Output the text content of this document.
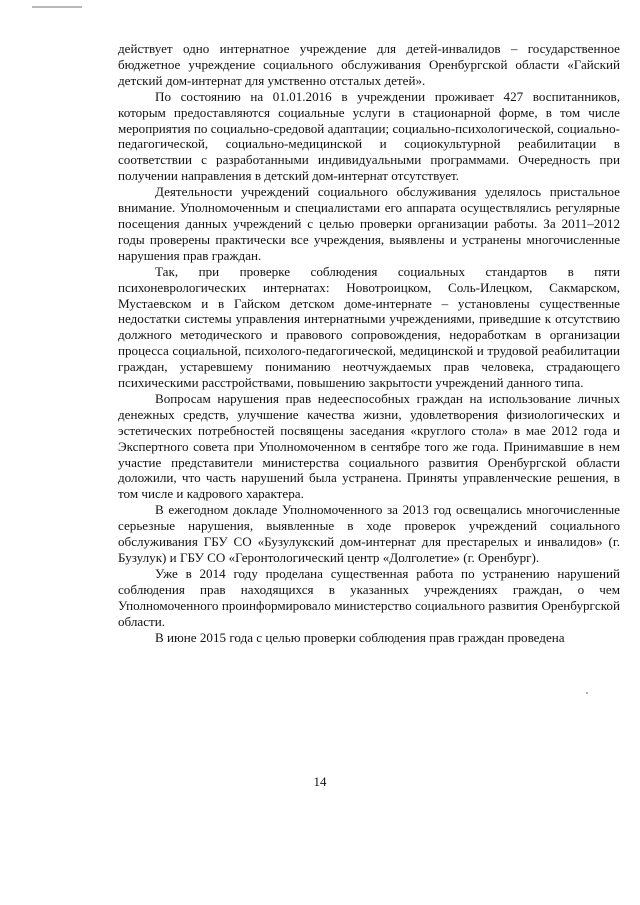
действует одно интернатное учреждение для детей-инвалидов – государственное бюджетное учреждение социального обслуживания Оренбургской области «Гайский детский дом-интернат для умственно отсталых детей».

По состоянию на 01.01.2016 в учреждении проживает 427 воспитанников, которым предоставляются социальные услуги в стационарной форме, в том числе мероприятия по социально-средовой адаптации; социально-психологической, социально-педагогической, социально-медицинской и социокультурной реабилитации в соответствии с разработанными индивидуальными программами. Очередность при получении направления в детский дом-интернат отсутствует.

Деятельности учреждений социального обслуживания уделялось пристальное внимание. Уполномоченным и специалистами его аппарата осуществлялись регулярные посещения данных учреждений с целью проверки организации работы. За 2011–2012 годы проверены практически все учреждения, выявлены и устранены многочисленные нарушения прав граждан.

Так, при проверке соблюдения социальных стандартов в пяти психоневрологических интернатах: Новотроицком, Соль-Илецком, Сакмарском, Мустаевском и в Гайском детском доме-интернате – установлены существенные недостатки системы управления интернатными учреждениями, приведшие к отсутствию должного методического и правового сопровождения, недоработкам в организации процесса социальной, психолого-педагогической, медицинской и трудовой реабилитации граждан, устаревшему пониманию неотчуждаемых прав человека, страдающего психическими расстройствами, повышению закрытости учреждений данного типа.

Вопросам нарушения прав недееспособных граждан на использование личных денежных средств, улучшение качества жизни, удовлетворения физиологических и эстетических потребностей посвящены заседания «круглого стола» в мае 2012 года и Экспертного совета при Уполномоченном в сентябре того же года. Принимавшие в нем участие представители министерства социального развития Оренбургской области доложили, что часть нарушений была устранена. Приняты управленческие решения, в том числе и кадрового характера.

В ежегодном докладе Уполномоченного за 2013 год освещались многочисленные серьезные нарушения, выявленные в ходе проверок учреждений социального обслуживания ГБУ СО «Бузулукский дом-интернат для престарелых и инвалидов» (г. Бузулук) и ГБУ СО «Геронтологический центр «Долголетие» (г. Оренбург).

Уже в 2014 году проделана существенная работа по устранению нарушений соблюдения прав находящихся в указанных учреждениях граждан, о чем Уполномоченного проинформировало министерство социального развития Оренбургской области.

В июне 2015 года с целью проверки соблюдения прав граждан проведена

14
